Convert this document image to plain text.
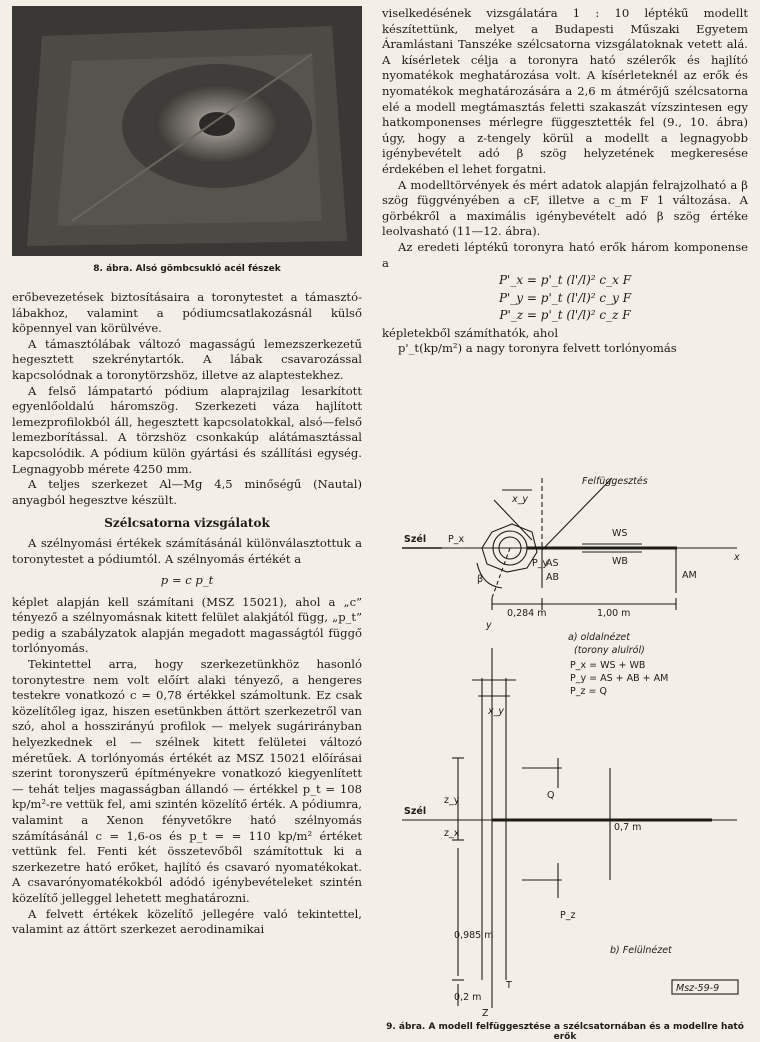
8. ábra. Alsó gömbcsukló acél fészek

erőbevezetések biztosításaira a toronytestet a támasztólábakhoz, valamint a pódiumcsatlakozásnál külső köpennyel van körülvéve.

A támasztólábak változó magasságú lemezszerkezetű hegesztett szekrénytartók. A lábak csavarozással kapcsolódnak a toronytörzshöz, illetve az alaptestekhez.

A felső lámpatartó pódium alaprajzilag lesarkított egyenlőoldalú háromszög. Szerkezeti váza hajlított lemezprofilokból áll, hegesztett kapcsolatokkal, alsó—felső lemezborítással. A törzshöz csonkakúp alátámasztással kapcsolódik. A pódium külön gyártási és szállítási egység. Legnagyobb mérete 4250 mm.

A teljes szerkezet Al—Mg 4,5 minőségű (Nautal) anyagból hegesztve készült.

Szélcsatorna vizsgálatok

A szélnyomási értékek számításánál különválasztottuk a toronytestet a pódiumtól. A szélnyomás értékét a

p = c p_t

képlet alapján kell számítani (MSZ 15021), ahol a „c” tényező a szélnyomásnak kitett felület alakjától függ, „p_t” pedig a szabályzatok alapján megadott magasságtól függő torlónyomás.

Tekintettel arra, hogy szerkezetünkhöz hasonló toronytestre nem volt előírt alaki tényező, a hengeres testekre vonatkozó c = 0,78 értékkel számoltunk. Ez csak közelítőleg igaz, hiszen esetünkben áttört szerkezetről van szó, ahol a hosszirányú profilok — melyek sugárirányban helyezkednek el — szélnek kitett felületei változó méretűek. A torlónyomás értékét az MSZ 15021 előírásai szerint toronyszerű építményekre vonatkozó kiegyenlített — tehát teljes magasságban állandó — értékkel p_t = 108 kp/m²-re vettük fel, ami szintén közelítő érték. A pódiumra, valamint a Xenon fényvetőkre ható szélnyomás számításánál c = 1,6-os és p_t = = 110 kp/m² értéket vettünk fel. Fenti két összetevőből számítottuk ki a szerkezetre ható erőket, hajlító és csavaró nyomatékokat. A csavarónyomatékokból adódó igénybevételeket szintén közelítő jelleggel lehetett meghatározni.

A felvett értékek közelítő jellegére való tekintettel, valamint az áttört szerkezet aerodinamikai

viselkedésének vizsgálatára 1 : 10 léptékű modellt készítettünk, melyet a Budapesti Műszaki Egyetem Áramlástani Tanszéke szélcsatorna vizsgálatoknak vetett alá. A kísérletek célja a toronyra ható szélerők és hajlító nyomatékok meghatározása volt. A kísérleteknél az erők és nyomatékok meghatározására a 2,6 m átmérőjű szélcsatorna elé a modell megtámasztás feletti szakaszát vízszintesen egy hatkomponenses mérlegre függesztették fel (9., 10. ábra) úgy, hogy a z-tengely körül a modellt a legnagyobb igénybevételt adó β szög helyzetének megkeresése érdekében el lehet forgatni.

A modelltörvények és mért adatok alapján felrajzolható a β szög függvényében a cF, illetve a c_m F 1 változása. A görbékről a maximális igénybevételt adó β szög értéke leolvasható (11—12. ábra).

Az eredeti léptékű toronyra ható erők három komponense a

P'_x = p'_t (l'/l)² c_x F
P'_y = p'_t (l'/l)² c_y F
P'_z = p'_t (l'/l)² c_z F

képletekből számíthatók, ahol

p'_t(kp/m²) a nagy toronyra felvett torlónyomás

Felfüggesztés
x_y
Szél P_x
P_y
WS
WB
AS
AB	AM
x
y
β
0,284 m	1,00 m
a) oldalnézet
(torony alulról)
P_x = WS + WB
P_y = AS + AB + AM
P_z = Q
x_y
Szél
z_y
z_x
Q
0,7 m
0,985 m
0,2 m
P_z
Z
T
b) Felülnézet
Msz-59-9
9. ábra. A modell felfüggesztése a szélcsatornában és a modellre ható erők
